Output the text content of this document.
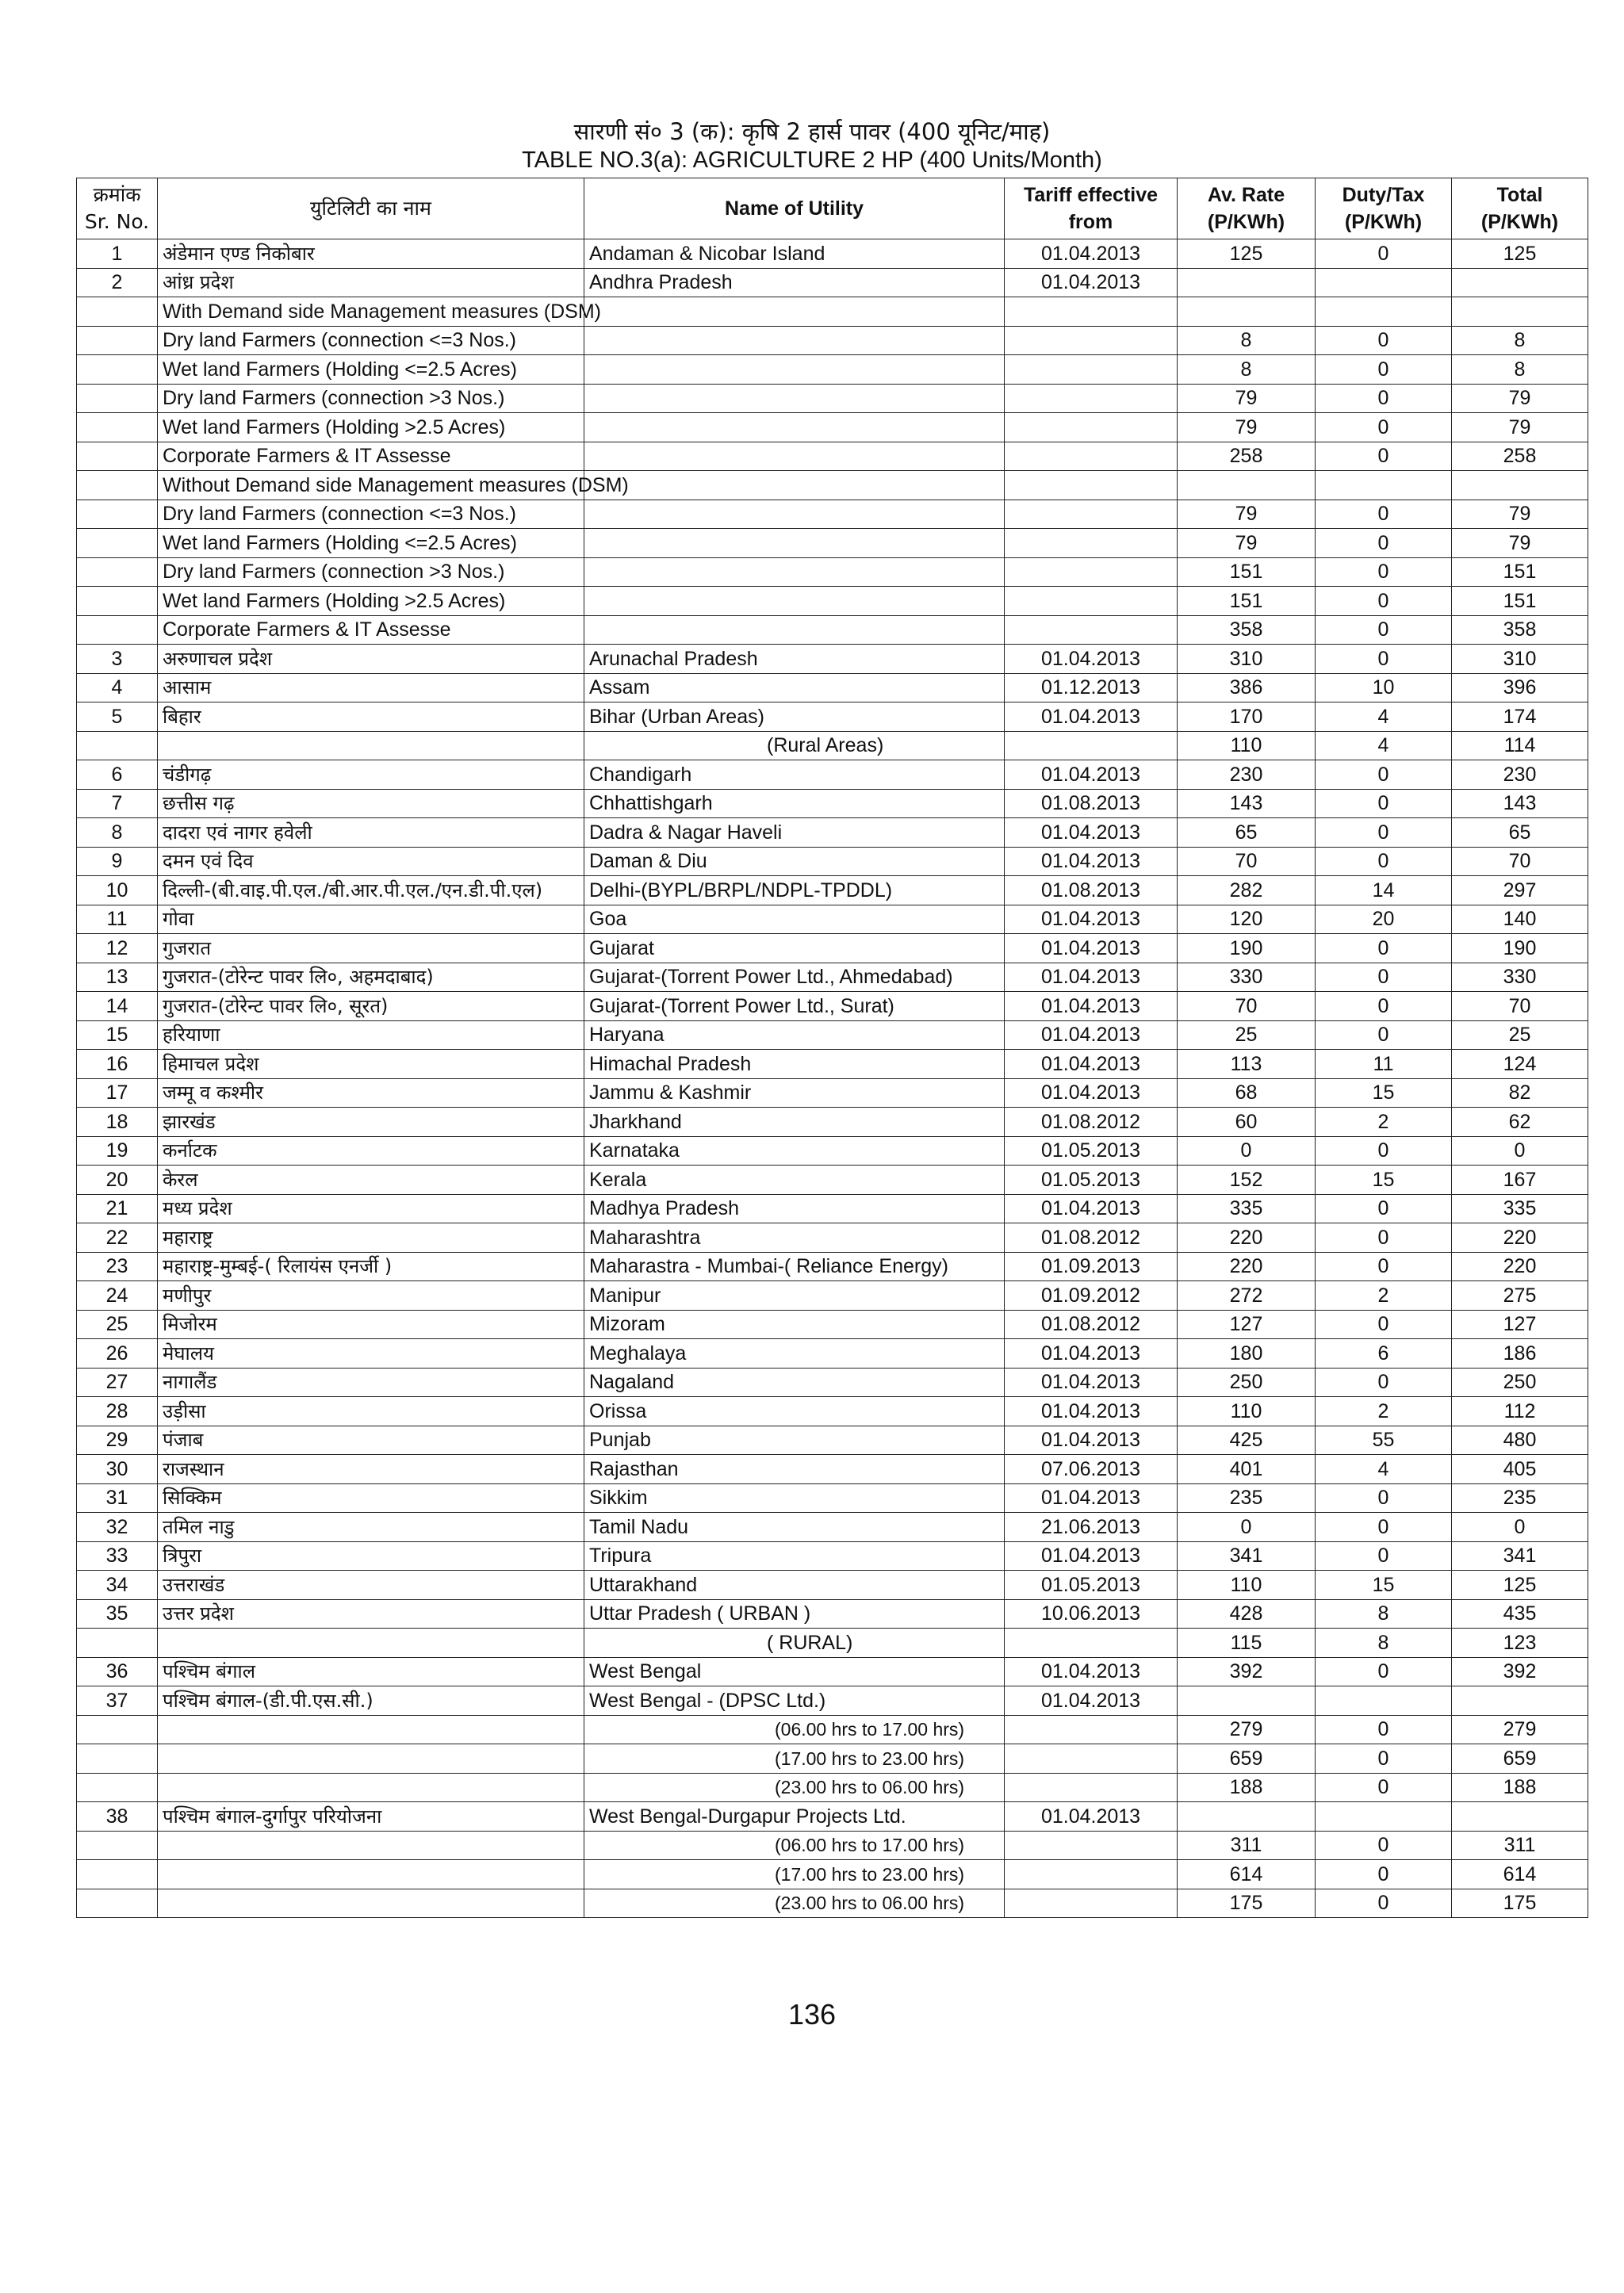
सारणी सं० 3 (क): कृषि 2 हार्स पावर (400 यूनिट/माह)
TABLE NO.3(a): AGRICULTURE 2 HP (400 Units/Month)
क्रमांक Sr. No.	युटिलिटी का नाम	Name of Utility	Tariff effective from	Av. Rate (P/KWh)	Duty/Tax (P/KWh)	Total (P/KWh)
1	अंडेमान एण्ड निकोबार	Andaman & Nicobar Island	01.04.2013	125	0	125
2	आंध्र प्रदेश	Andhra Pradesh	01.04.2013			
	With Demand side Management measures (DSM)					
	Dry land Farmers (connection <=3 Nos.)			8	0	8
	Wet land Farmers (Holding <=2.5 Acres)			8	0	8
	Dry land Farmers (connection >3 Nos.)			79	0	79
	Wet land Farmers (Holding >2.5 Acres)			79	0	79
	Corporate Farmers & IT Assesse			258	0	258
	Without Demand side Management measures (DSM)					
	Dry land Farmers (connection <=3 Nos.)			79	0	79
	Wet land Farmers (Holding <=2.5 Acres)			79	0	79
	Dry land Farmers (connection >3 Nos.)			151	0	151
	Wet land Farmers (Holding >2.5 Acres)			151	0	151
	Corporate Farmers & IT Assesse			358	0	358
3	अरुणाचल प्रदेश	Arunachal Pradesh	01.04.2013	310	0	310
4	आसाम	Assam	01.12.2013	386	10	396
5	बिहार	Bihar (Urban Areas)	01.04.2013	170	4	174
		(Rural Areas)		110	4	114
6	चंडीगढ़	Chandigarh	01.04.2013	230	0	230
7	छत्तीस गढ़	Chhattishgarh	01.08.2013	143	0	143
8	दादरा एवं नागर हवेली	Dadra & Nagar Haveli	01.04.2013	65	0	65
9	दमन एवं दिव	Daman & Diu	01.04.2013	70	0	70
10	दिल्ली-(बी.वाइ.पी.एल./बी.आर.पी.एल./एन.डी.पी.एल)	Delhi-(BYPL/BRPL/NDPL-TPDDL)	01.08.2013	282	14	297
11	गोवा	Goa	01.04.2013	120	20	140
12	गुजरात	Gujarat	01.04.2013	190	0	190
13	गुजरात-(टोरेन्ट पावर लि०, अहमदाबाद)	Gujarat-(Torrent Power Ltd., Ahmedabad)	01.04.2013	330	0	330
14	गुजरात-(टोरेन्ट पावर लि०, सूरत)	Gujarat-(Torrent Power Ltd., Surat)	01.04.2013	70	0	70
15	हरियाणा	Haryana	01.04.2013	25	0	25
16	हिमाचल प्रदेश	Himachal Pradesh	01.04.2013	113	11	124
17	जम्मू व कश्मीर	Jammu & Kashmir	01.04.2013	68	15	82
18	झारखंड	Jharkhand	01.08.2012	60	2	62
19	कर्नाटक	Karnataka	01.05.2013	0	0	0
20	केरल	Kerala	01.05.2013	152	15	167
21	मध्य प्रदेश	Madhya Pradesh	01.04.2013	335	0	335
22	महाराष्ट्र	Maharashtra	01.08.2012	220	0	220
23	महाराष्ट्र-मुम्बई-( रिलायंस एनर्जी )	Maharastra - Mumbai-( Reliance Energy)	01.09.2013	220	0	220
24	मणीपुर	Manipur	01.09.2012	272	2	275
25	मिजोरम	Mizoram	01.08.2012	127	0	127
26	मेघालय	Meghalaya	01.04.2013	180	6	186
27	नागालैंड	Nagaland	01.04.2013	250	0	250
28	उड़ीसा	Orissa	01.04.2013	110	2	112
29	पंजाब	Punjab	01.04.2013	425	55	480
30	राजस्थान	Rajasthan	07.06.2013	401	4	405
31	सिक्किम	Sikkim	01.04.2013	235	0	235
32	तमिल नाडु	Tamil Nadu	21.06.2013	0	0	0
33	त्रिपुरा	Tripura	01.04.2013	341	0	341
34	उत्तराखंड	Uttarakhand	01.05.2013	110	15	125
35	उत्तर प्रदेश	Uttar Pradesh ( URBAN )	10.06.2013	428	8	435
		( RURAL)		115	8	123
36	पश्चिम बंगाल	West Bengal	01.04.2013	392	0	392
37	पश्चिम बंगाल-(डी.पी.एस.सी.)	West Bengal - (DPSC Ltd.)	01.04.2013			
		(06.00 hrs to 17.00 hrs)		279	0	279
		(17.00 hrs to 23.00 hrs)		659	0	659
		(23.00 hrs to 06.00 hrs)		188	0	188
38	पश्चिम बंगाल-दुर्गापुर परियोजना	West Bengal-Durgapur Projects Ltd.	01.04.2013			
		(06.00 hrs to 17.00 hrs)		311	0	311
		(17.00 hrs to 23.00 hrs)		614	0	614
		(23.00 hrs to 06.00 hrs)		175	0	175
136
